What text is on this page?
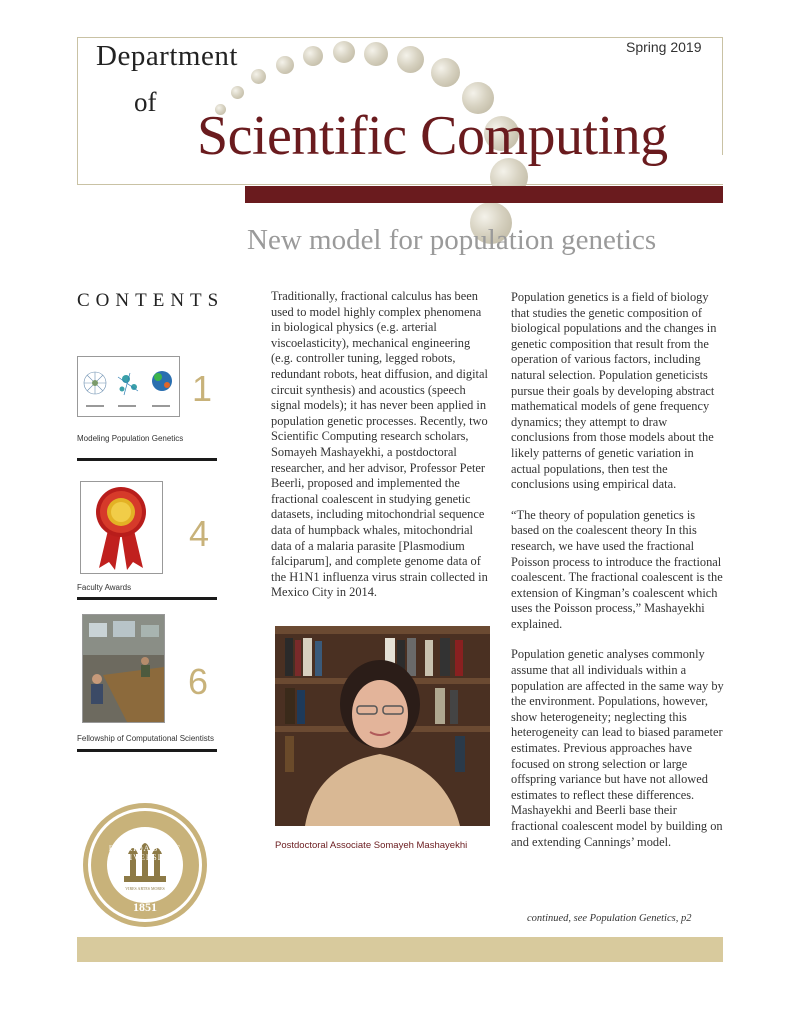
Department
of
Spring 2019
Scientific Computing
New model for population genetics
CONTENTS
1
Modeling Population Genetics
4
Faculty Awards
6
Fellowship of Computational Scientists
1851
FLORIDA STATE UNIVERSITY
VIRES ARTES MORES

Traditionally, fractional calculus has been used to model highly complex phenomena in biological physics (e.g. arterial viscoelasticity), mechanical engineering (e.g. controller tuning, legged robots, redundant robots, heat diffusion, and digital circuit synthesis) and acoustics (speech signal models); it has never been applied in population genetic processes. Recently, two Scientific Computing research scholars, Somayeh Mashayekhi, a postdoctoral researcher, and her advisor, Professor Peter Beerli, proposed and implemented the fractional coalescent in studying genetic datasets, including mitochondrial sequence data of humpback whales, mitochondrial data of a malaria parasite [Plasmodium falciparum], and complete genome data of the H1N1 influenza virus strain collected in Mexico City in 2014.

Postdoctoral Associate Somayeh Mashayekhi

Population genetics is a field of biology that studies the genetic composition of biological populations and the changes in genetic composition that result from the operation of various factors, including natural selection. Population geneticists pursue their goals by developing abstract mathematical models of gene frequency dynamics; they attempt to draw conclusions from those models about the likely patterns of genetic variation in actual populations, then test the conclusions using empirical data.

“The theory of population genetics is based on the coalescent theory In this research, we have used the fractional Poisson process to introduce the fractional coalescent. The fractional coalescent is the extension of Kingman’s coalescent which uses the Poisson process,” Mashayekhi explained.

Population genetic analyses commonly assume that all individuals within a population are affected in the same way by the environment. Populations, however, show heterogeneity; neglecting this heterogeneity can lead to biased parameter estimates. Previous approaches have focused on strong selection or large offspring variance but have not allowed estimates to reflect these differences. Mashayekhi and Beerli base their fractional coalescent model by building on and extending Cannings’ model.

continued, see Population Genetics, p2
